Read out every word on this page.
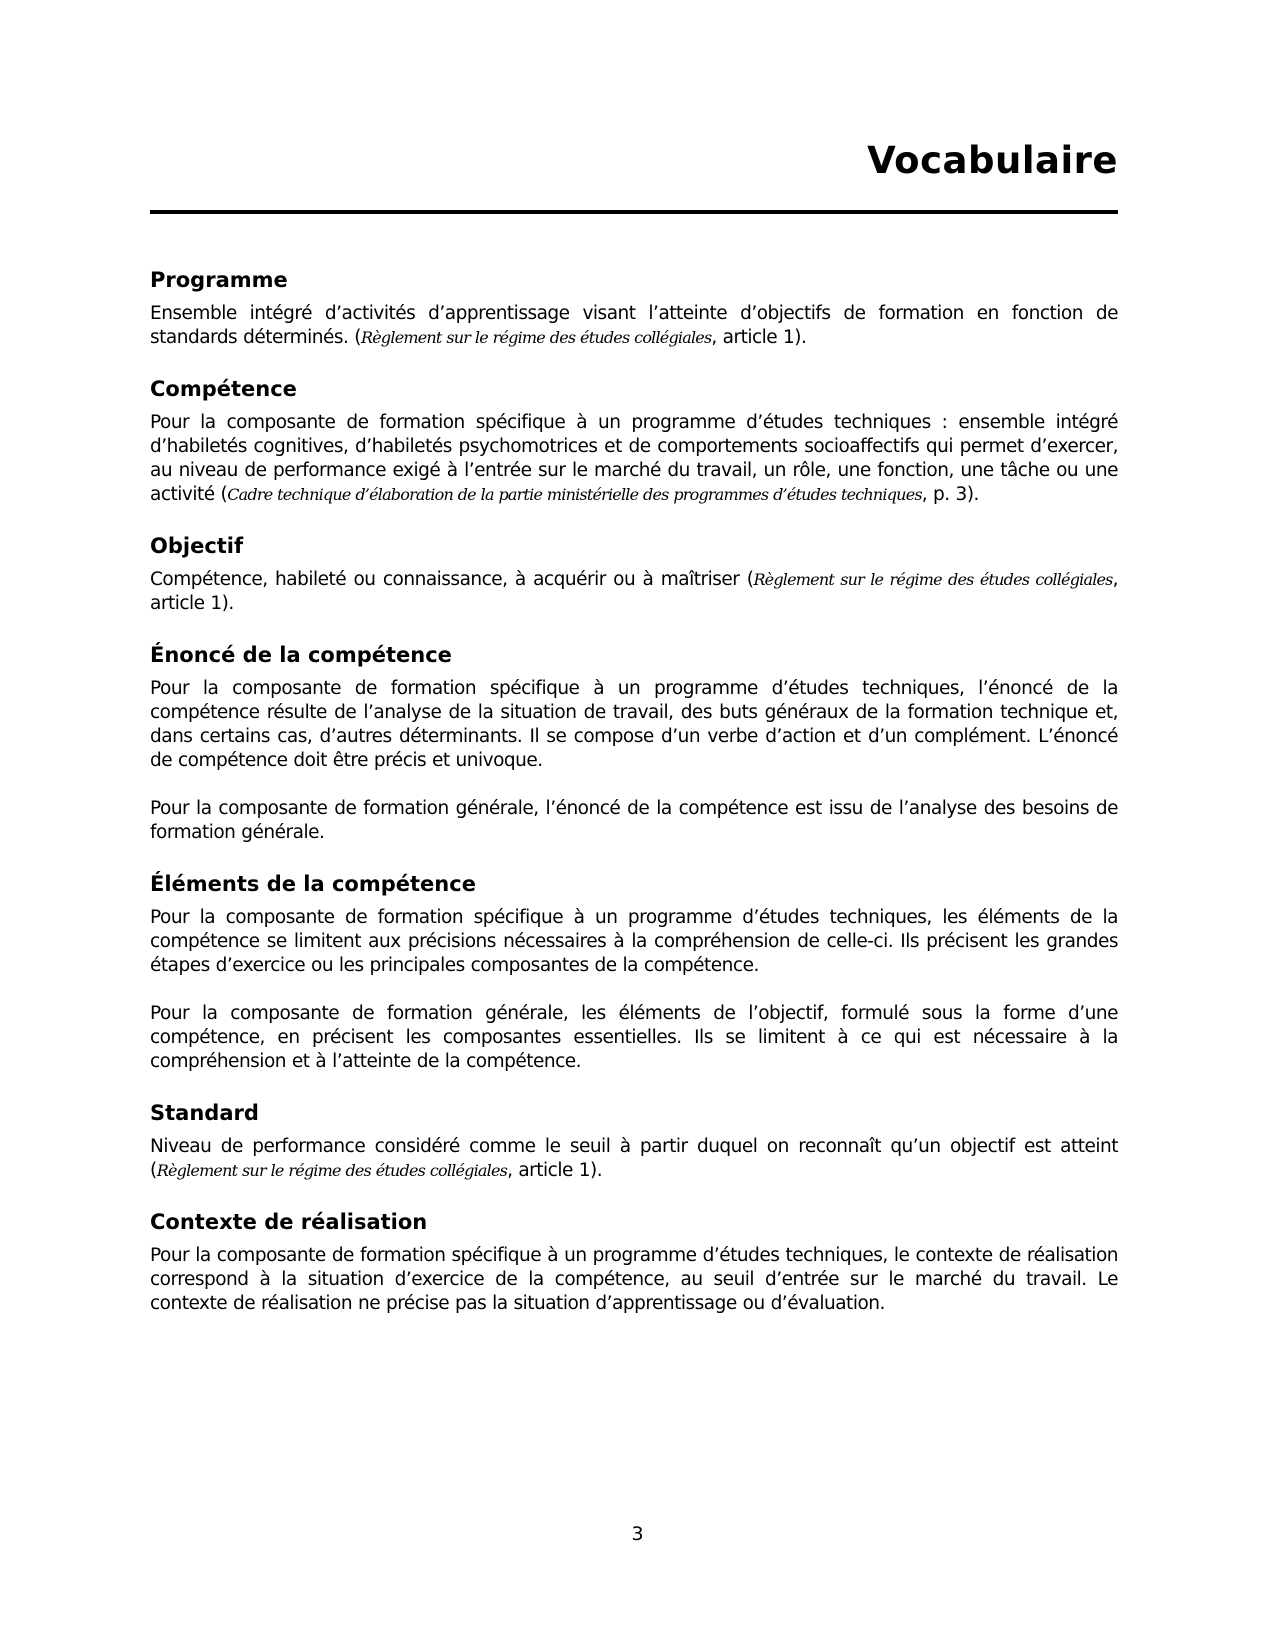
Vocabulaire
Programme

Ensemble intégré d’activités d’apprentissage visant l’atteinte d’objectifs de formation en fonction de standards déterminés. (Règlement sur le régime des études collégiales, article 1).

Compétence

Pour la composante de formation spécifique à un programme d’études techniques : ensemble intégré d’habiletés cognitives, d’habiletés psychomotrices et de comportements socioaffectifs qui permet d’exercer, au niveau de performance exigé à l’entrée sur le marché du travail, un rôle, une fonction, une tâche ou une activité (Cadre technique d’élaboration de la partie ministérielle des programmes d’études techniques, p. 3).

Objectif

Compétence, habileté ou connaissance, à acquérir ou à maîtriser (Règlement sur le régime des études collégiales, article 1).

Énoncé de la compétence

Pour la composante de formation spécifique à un programme d’études techniques, l’énoncé de la compétence résulte de l’analyse de la situation de travail, des buts généraux de la formation technique et, dans certains cas, d’autres déterminants. Il se compose d’un verbe d’action et d’un complément. L’énoncé de compétence doit être précis et univoque.

Pour la composante de formation générale, l’énoncé de la compétence est issu de l’analyse des besoins de formation générale.

Éléments de la compétence

Pour la composante de formation spécifique à un programme d’études techniques, les éléments de la compétence se limitent aux précisions nécessaires à la compréhension de celle-ci. Ils précisent les grandes étapes d’exercice ou les principales composantes de la compétence.

Pour la composante de formation générale, les éléments de l’objectif, formulé sous la forme d’une compétence, en précisent les composantes essentielles. Ils se limitent à ce qui est nécessaire à la compréhension et à l’atteinte de la compétence.

Standard

Niveau de performance considéré comme le seuil à partir duquel on reconnaît qu’un objectif est atteint (Règlement sur le régime des études collégiales, article 1).

Contexte de réalisation

Pour la composante de formation spécifique à un programme d’études techniques, le contexte de réalisation correspond à la situation d’exercice de la compétence, au seuil d’entrée sur le marché du travail. Le contexte de réalisation ne précise pas la situation d’apprentissage ou d’évaluation.

3
